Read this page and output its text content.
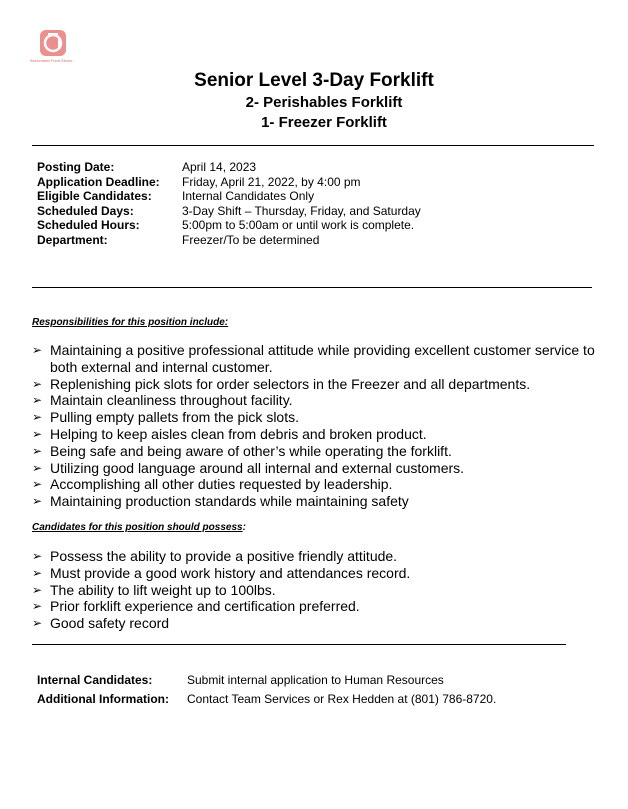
Associated Food Stores
Senior Level 3-Day Forklift
2- Perishables Forklift
1- Freezer Forklift
Posting Date:	April 14, 2023
Application Deadline:	Friday, April 21, 2022, by 4:00 pm
Eligible Candidates:	Internal Candidates Only
Scheduled Days:	3-Day Shift – Thursday, Friday, and Saturday
Scheduled Hours:	5:00pm to 5:00am or until work is complete.
Department:	Freezer/To be determined
Responsibilities for this position include:
➢ Maintaining a positive professional attitude while providing excellent customer service to both external and internal customer.
➢ Replenishing pick slots for order selectors in the Freezer and all departments.
➢ Maintain cleanliness throughout facility.
➢ Pulling empty pallets from the pick slots.
➢ Helping to keep aisles clean from debris and broken product.
➢ Being safe and being aware of other’s while operating the forklift.
➢ Utilizing good language around all internal and external customers.
➢ Accomplishing all other duties requested by leadership.
➢ Maintaining production standards while maintaining safety
Candidates for this position should possess:
➢ Possess the ability to provide a positive friendly attitude.
➢ Must provide a good work history and attendances record.
➢ The ability to lift weight up to 100lbs.
➢ Prior forklift experience and certification preferred.
➢ Good safety record
Internal Candidates:	Submit internal application to Human Resources
Additional Information:	Contact Team Services or Rex Hedden at (801) 786-8720.
